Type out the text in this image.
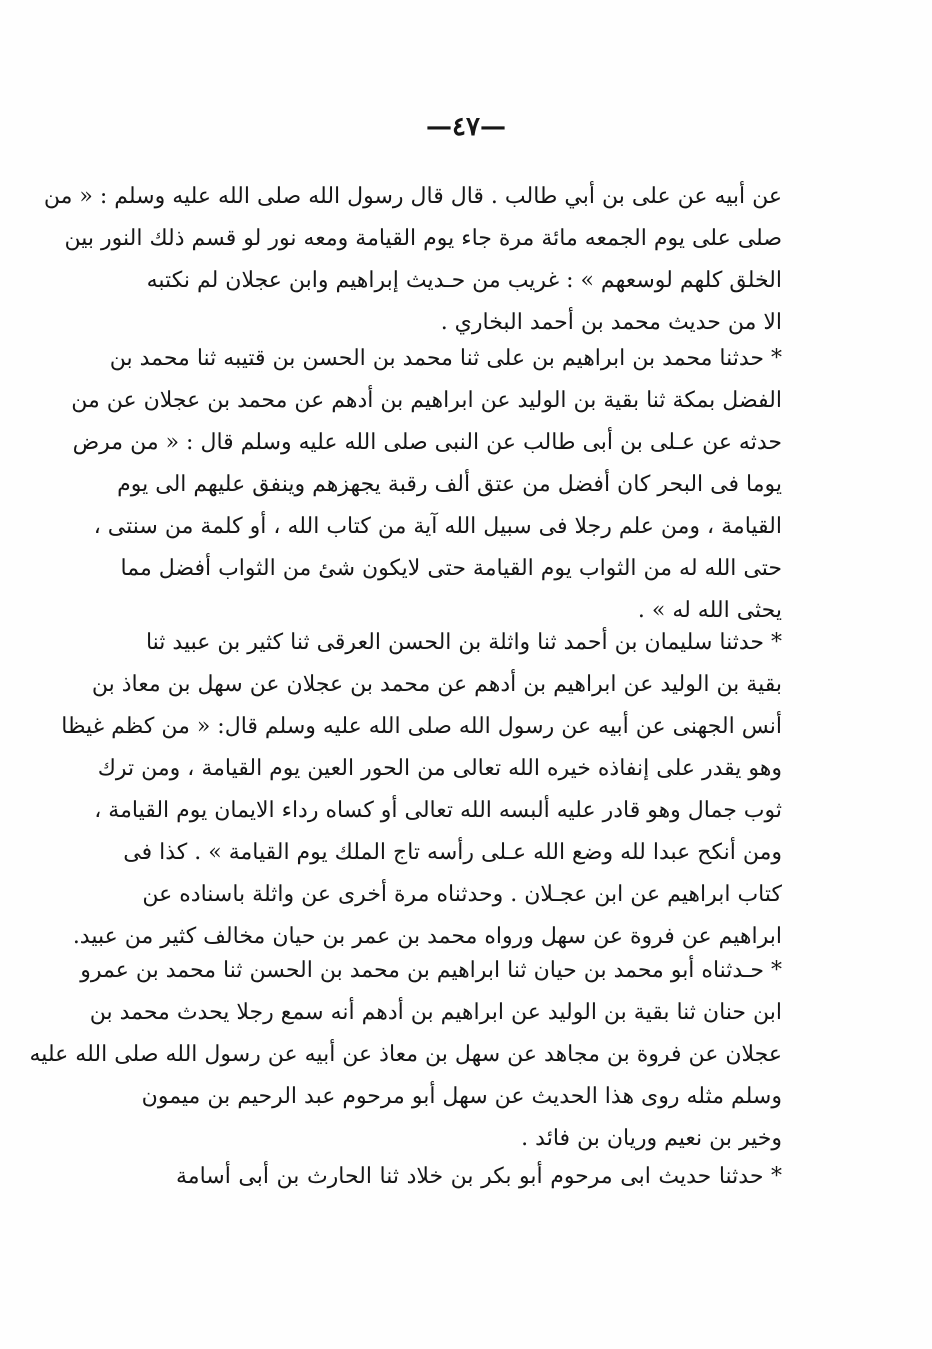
—٤٧—
عن أبيه عن على بن أبي طالب . قال قال رسول الله صلى الله عليه وسلم : « من
صلى على يوم الجمعه مائة مرة جاء يوم القيامة ومعه نور لو قسم ذلك النور بين
الخلق كلهم لوسعهم » : غريب من حـديث إبراهيم وابن عجلان لم نكتبه
الا من حديث محمد بن أحمد البخاري .
* حدثنا محمد بن ابراهيم بن على ثنا محمد بن الحسن بن قتيبه ثنا محمد بن
الفضل بمكة ثنا بقية بن الوليد عن ابراهيم بن أدهم عن محمد بن عجلان عن من
حدثه عن عـلى بن أبى طالب عن النبى صلى الله عليه وسلم قال : « من مرض
يوما فى البحر كان أفضل من عتق ألف رقبة يجهزهم وينفق عليهم الى يوم
القيامة ، ومن علم رجلا فى سبيل الله آية من كتاب الله ، أو كلمة من سنتى ،
حتى الله له من الثواب يوم القيامة حتى لايكون شئ من الثواب أفضل مما
يحثى الله له » .
* حدثنا سليمان بن أحمد ثنا واثلة بن الحسن العرقى ثنا كثير بن عبيد ثنا
بقية بن الوليد عن ابراهيم بن أدهم عن محمد بن عجلان عن سهل بن معاذ بن
أنس الجهنى عن أبيه عن رسول الله صلى الله عليه وسلم قال: « من كظم غيظا
وهو يقدر على إنفاذه خيره الله تعالى من الحور العين يوم القيامة ، ومن ترك
ثوب جمال وهو قادر عليه ألبسه الله تعالى أو كساه رداء الايمان يوم القيامة ،
ومن أنكح عبدا لله وضع الله عـلى رأسه تاج الملك يوم القيامة » . كذا فى
كتاب ابراهيم عن ابن عجـلان . وحدثناه مرة أخرى عن واثلة باسناده عن
ابراهيم عن فروة عن سهل ورواه محمد بن عمر بن حيان مخالف كثير من عبيد.
* حـدثناه أبو محمد بن حيان ثنا ابراهيم بن محمد بن الحسن ثنا محمد بن عمرو
ابن حنان ثنا بقية بن الوليد عن ابراهيم بن أدهم أنه سمع رجلا يحدث محمد بن
عجلان عن فروة بن مجاهد عن سهل بن معاذ عن أبيه عن رسول الله صلى الله عليه
وسلم مثله روى هذا الحديث عن سهل أبو مرحوم عبد الرحيم بن ميمون
وخير بن نعيم وريان بن فائد .
* حدثنا حديث ابى مرحوم أبو بكر بن خلاد ثنا الحارث بن أبى أسامة
